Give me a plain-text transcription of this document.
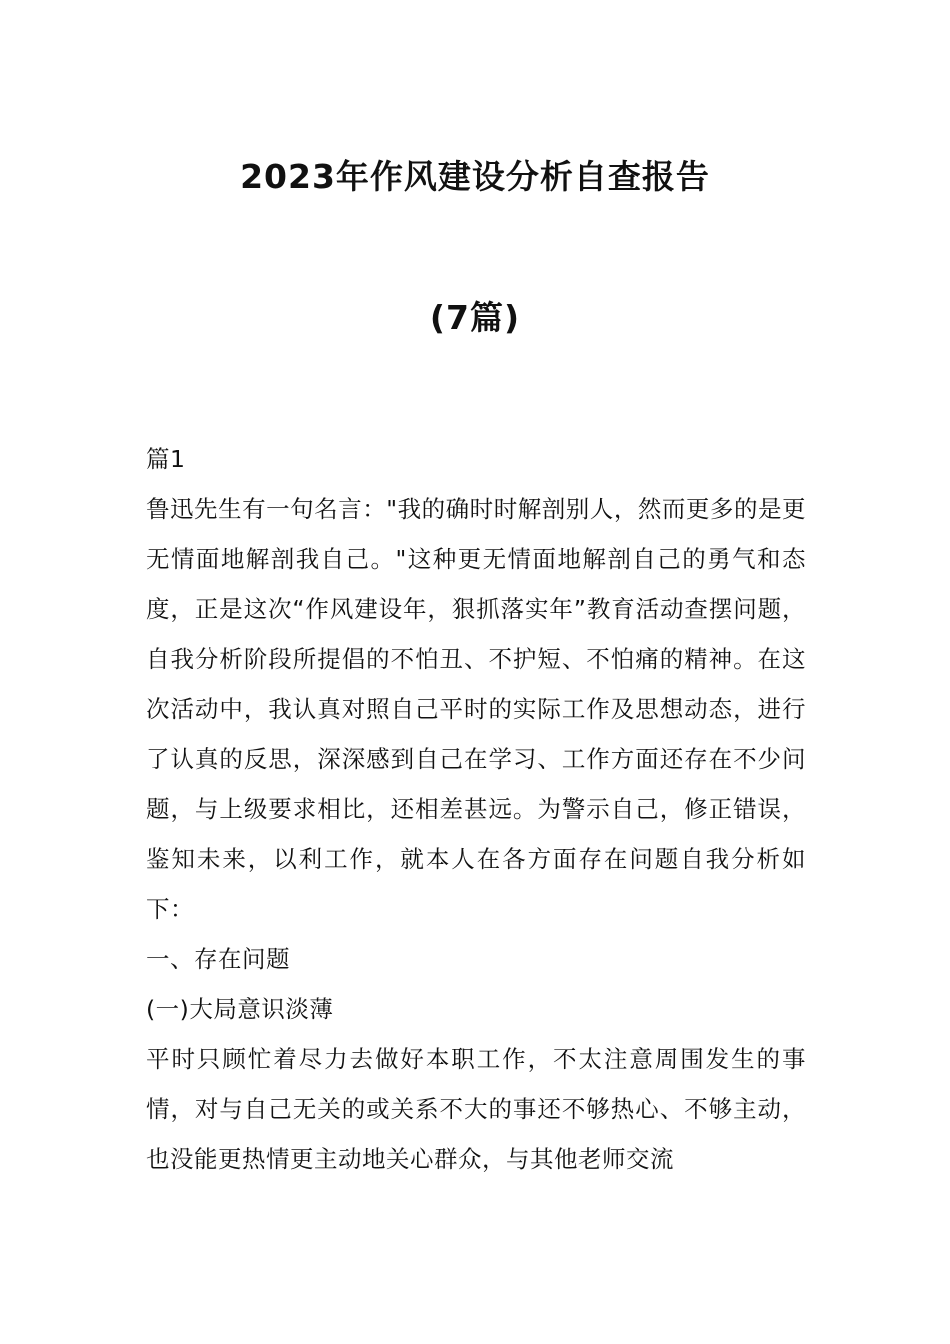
2023年作风建设分析自查报告
(7篇)

篇1

鲁迅先生有一句名言："我的确时时解剖别人，然而更多的是更无情面地解剖我自己。"这种更无情面地解剖自己的勇气和态度，正是这次“作风建设年，狠抓落实年”教育活动查摆问题，自我分析阶段所提倡的不怕丑、不护短、不怕痛的精神。在这次活动中，我认真对照自己平时的实际工作及思想动态，进行了认真的反思，深深感到自己在学习、工作方面还存在不少问题，与上级要求相比，还相差甚远。为警示自己，修正错误，鉴知未来，以利工作，就本人在各方面存在问题自我分析如下：

一、存在问题

(一)大局意识淡薄

平时只顾忙着尽力去做好本职工作，不太注意周围发生的事情，对与自己无关的或关系不大的事还不够热心、不够主动，也没能更热情更主动地关心群众，与其他老师交流
